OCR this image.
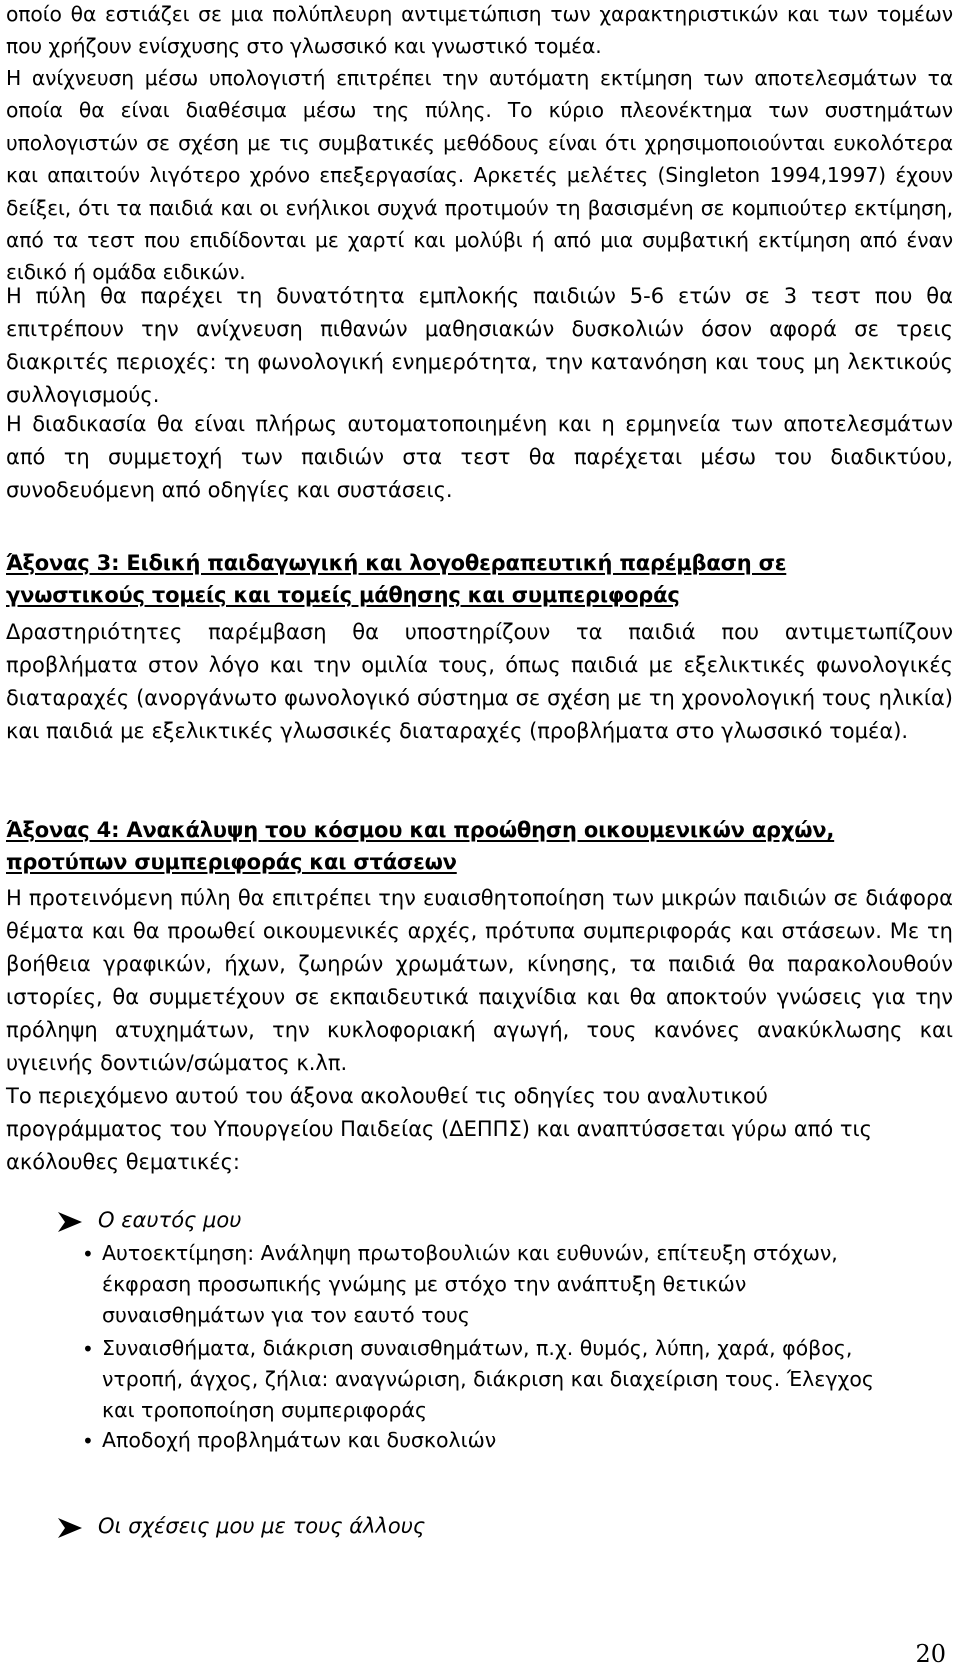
οποίο θα εστιάζει σε μια πολύπλευρη αντιμετώπιση των χαρακτηριστικών και των τομέων που χρήζουν ενίσχυσης στο γλωσσικό και γνωστικό τομέα.

Η ανίχνευση μέσω υπολογιστή επιτρέπει την αυτόματη εκτίμηση των αποτελεσμάτων τα οποία θα είναι διαθέσιμα μέσω της πύλης. Το κύριο πλεονέκτημα των συστημάτων υπολογιστών σε σχέση με τις συμβατικές μεθόδους είναι ότι χρησιμοποιούνται ευκολότερα και απαιτούν λιγότερο χρόνο επεξεργασίας. Αρκετές μελέτες (Singleton 1994,1997) έχουν δείξει, ότι τα παιδιά και οι ενήλικοι συχνά προτιμούν τη βασισμένη σε κομπιούτερ εκτίμηση, από τα τεστ που επιδίδονται με χαρτί και μολύβι ή από μια συμβατική εκτίμηση από έναν ειδικό ή ομάδα ειδικών.

Η πύλη θα παρέχει τη δυνατότητα εμπλοκής παιδιών 5-6 ετών σε 3 τεστ που θα επιτρέπουν την ανίχνευση πιθανών μαθησιακών δυσκολιών όσον αφορά σε τρεις διακριτές περιοχές: τη φωνολογική ενημερότητα, την κατανόηση και τους μη λεκτικούς συλλογισμούς.

Η διαδικασία θα είναι πλήρως αυτοματοποιημένη και η ερμηνεία των αποτελεσμάτων από τη συμμετοχή των παιδιών στα τεστ θα παρέχεται μέσω του διαδικτύου, συνοδευόμενη από οδηγίες και συστάσεις.

Άξονας 3: Ειδική παιδαγωγική και λογοθεραπευτική παρέμβαση σε
γνωστικούς τομείς και τομείς μάθησης και συμπεριφοράς

Δραστηριότητες παρέμβαση θα υποστηρίζουν τα παιδιά που αντιμετωπίζουν προβλήματα στον λόγο και την ομιλία τους, όπως παιδιά με εξελικτικές φωνολογικές διαταραχές (ανοργάνωτο φωνολογικό σύστημα σε σχέση με τη χρονολογική τους ηλικία) και παιδιά με εξελικτικές γλωσσικές διαταραχές (προβλήματα στο γλωσσικό τομέα).

Άξονας 4: Ανακάλυψη του κόσμου και προώθηση οικουμενικών αρχών,
προτύπων συμπεριφοράς και στάσεων

Η προτεινόμενη πύλη θα επιτρέπει την ευαισθητοποίηση των μικρών παιδιών σε διάφορα θέματα και θα προωθεί οικουμενικές αρχές, πρότυπα συμπεριφοράς και στάσεων. Με τη βοήθεια γραφικών, ήχων, ζωηρών χρωμάτων, κίνησης, τα παιδιά θα παρακολουθούν ιστορίες, θα συμμετέχουν σε εκπαιδευτικά παιχνίδια και θα αποκτούν γνώσεις για την πρόληψη ατυχημάτων, την κυκλοφοριακή αγωγή, τους κανόνες ανακύκλωσης και υγιεινής δοντιών/σώματος κ.λπ.

Το περιεχόμενο αυτού του άξονα ακολουθεί τις οδηγίες του αναλυτικού
προγράμματος του Υπουργείου Παιδείας (ΔΕΠΠΣ) και αναπτύσσεται γύρω από τις
ακόλουθες θεματικές:
Ο εαυτός μου
• Αυτοεκτίμηση: Ανάληψη πρωτοβουλιών και ευθυνών, επίτευξη στόχων,
έκφραση προσωπικής γνώμης με στόχο την ανάπτυξη θετικών
συναισθημάτων για τον εαυτό τους
• Συναισθήματα, διάκριση συναισθημάτων, π.χ. θυμός, λύπη, χαρά, φόβος,
ντροπή, άγχος, ζήλια: αναγνώριση, διάκριση και διαχείριση τους. Έλεγχος
και τροποποίηση συμπεριφοράς
• Αποδοχή προβλημάτων και δυσκολιών
Οι σχέσεις μου με τους άλλους
20
